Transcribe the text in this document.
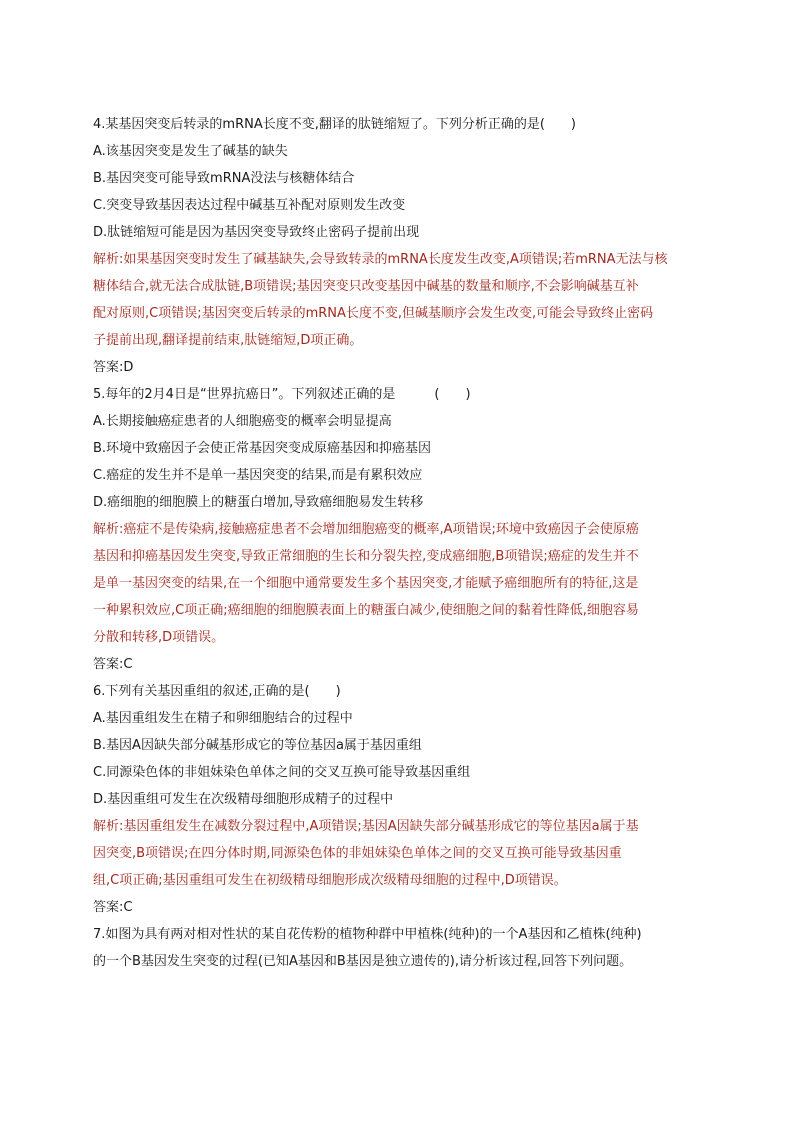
4.某基因突变后转录的mRNA长度不变,翻译的肽链缩短了。下列分析正确的是(　　)
A.该基因突变是发生了碱基的缺失
B.基因突变可能导致mRNA没法与核糖体结合
C.突变导致基因表达过程中碱基互补配对原则发生改变
D.肽链缩短可能是因为基因突变导致终止密码子提前出现
解析:如果基因突变时发生了碱基缺失,会导致转录的mRNA长度发生改变,A项错误;若mRNA无法与核
糖体结合,就无法合成肽链,B项错误;基因突变只改变基因中碱基的数量和顺序,不会影响碱基互补
配对原则,C项错误;基因突变后转录的mRNA长度不变,但碱基顺序会发生改变,可能会导致终止密码
子提前出现,翻译提前结束,肽链缩短,D项正确。
答案:D
5.每年的2月4日是“世界抗癌日”。下列叙述正确的是　　　(　　)
A.长期接触癌症患者的人细胞癌变的概率会明显提高
B.环境中致癌因子会使正常基因突变成原癌基因和抑癌基因
C.癌症的发生并不是单一基因突变的结果,而是有累积效应
D.癌细胞的细胞膜上的糖蛋白增加,导致癌细胞易发生转移
解析:癌症不是传染病,接触癌症患者不会增加细胞癌变的概率,A项错误;环境中致癌因子会使原癌
基因和抑癌基因发生突变,导致正常细胞的生长和分裂失控,变成癌细胞,B项错误;癌症的发生并不
是单一基因突变的结果,在一个细胞中通常要发生多个基因突变,才能赋予癌细胞所有的特征,这是
一种累积效应,C项正确;癌细胞的细胞膜表面上的糖蛋白减少,使细胞之间的黏着性降低,细胞容易
分散和转移,D项错误。
答案:C
6.下列有关基因重组的叙述,正确的是(　　)
A.基因重组发生在精子和卵细胞结合的过程中
B.基因A因缺失部分碱基形成它的等位基因a属于基因重组
C.同源染色体的非姐妹染色单体之间的交叉互换可能导致基因重组
D.基因重组可发生在次级精母细胞形成精子的过程中
解析:基因重组发生在减数分裂过程中,A项错误;基因A因缺失部分碱基形成它的等位基因a属于基
因突变,B项错误;在四分体时期,同源染色体的非姐妹染色单体之间的交叉互换可能导致基因重
组,C项正确;基因重组可发生在初级精母细胞形成次级精母细胞的过程中,D项错误。
答案:C
7.如图为具有两对相对性状的某自花传粉的植物种群中甲植株(纯种)的一个A基因和乙植株(纯种)
的一个B基因发生突变的过程(已知A基因和B基因是独立遗传的),请分析该过程,回答下列问题。
